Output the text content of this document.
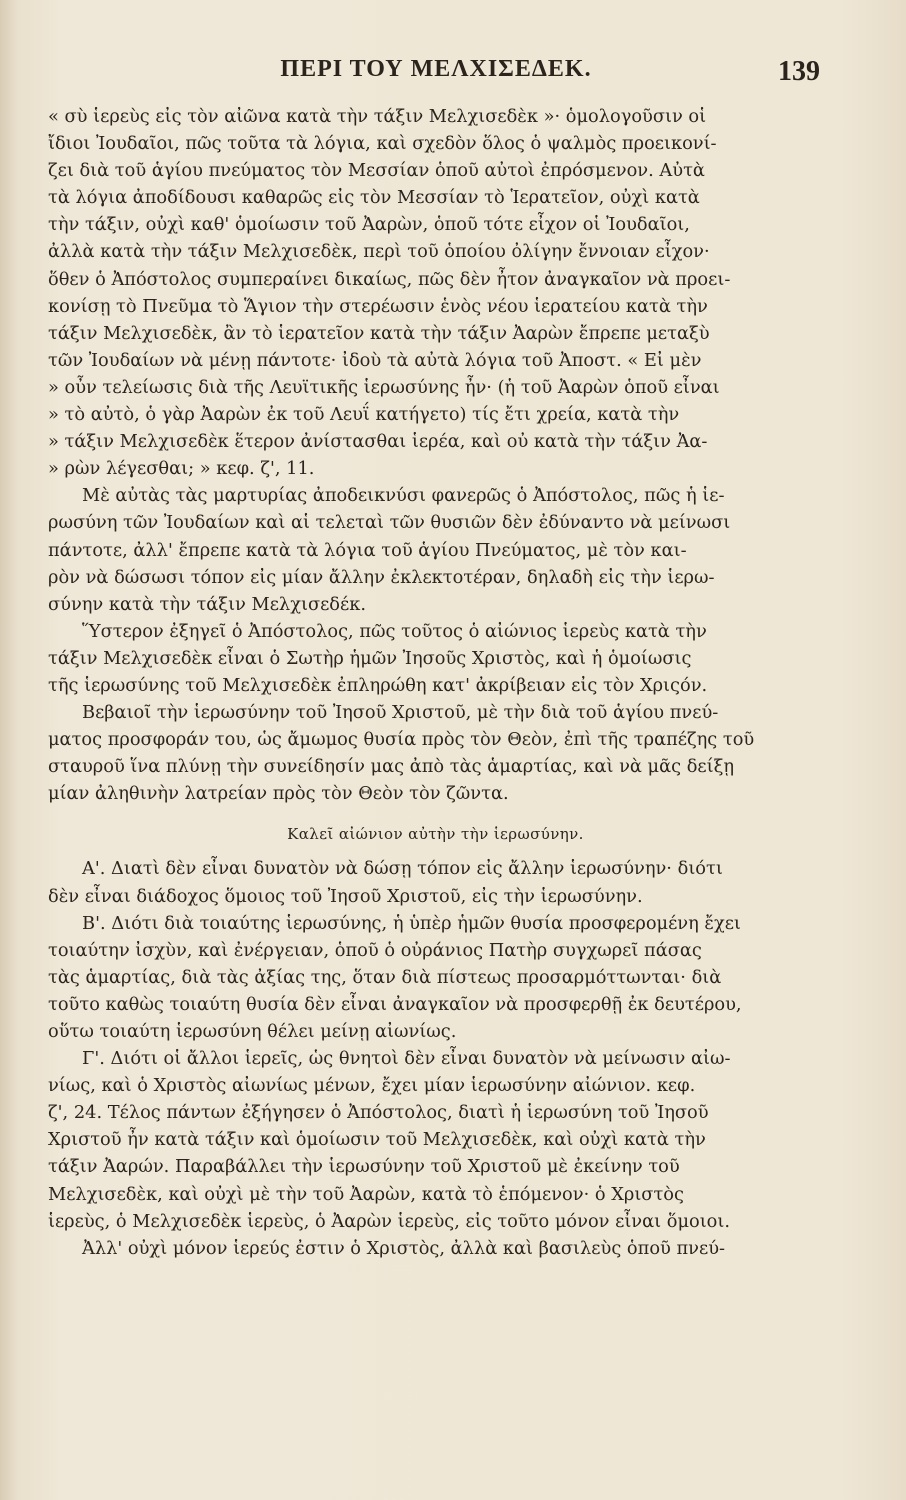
ΠΕΡΙ ΤΟΥ ΜΕΛΧΙΣΕΔΕΚ.	139
« σὺ ἱερεὺς εἰς τὸν αἰῶνα κατὰ τὴν τάξιν Μελχισεδὲκ »· ὁμολογοῦσιν οἱ
ἴδιοι Ἰουδαῖοι, πῶς τοῦτα τὰ λόγια, καὶ σχεδὸν ὅλος ὁ ψαλμὸς προεικονί-
ζει διὰ τοῦ ἁγίου πνεύματος τὸν Μεσσίαν ὁποῦ αὐτοὶ ἐπρόσμενον. Αὐτὰ
τὰ λόγια ἀποδίδουσι καθαρῶς εἰς τὸν Μεσσίαν τὸ Ἱερατεῖον, οὐχὶ κατὰ
τὴν τάξιν, οὐχὶ καθ' ὁμοίωσιν τοῦ Ἀαρὼν, ὁποῦ τότε εἶχον οἱ Ἰουδαῖοι,
ἀλλὰ κατὰ τὴν τάξιν Μελχισεδὲκ, περὶ τοῦ ὁποίου ὀλίγην ἔννοιαν εἶχον·
ὅθεν ὁ Ἀπόστολος συμπεραίνει δικαίως, πῶς δὲν ἦτον ἀναγκαῖον νὰ προει-
κονίσῃ τὸ Πνεῦμα τὸ Ἅγιον τὴν στερέωσιν ἑνὸς νέου ἱερατείου κατὰ τὴν
τάξιν Μελχισεδὲκ, ἂν τὸ ἱερατεῖον κατὰ τὴν τάξιν Ἀαρὼν ἔπρεπε μεταξὺ
τῶν Ἰουδαίων νὰ μένῃ πάντοτε· ἰδοὺ τὰ αὐτὰ λόγια τοῦ Ἀποστ. « Εἰ μὲν
» οὖν τελείωσις διὰ τῆς Λευϊτικῆς ἱερωσύνης ἦν· (ἡ τοῦ Ἀαρὼν ὁποῦ εἶναι
» τὸ αὐτὸ, ὁ γὰρ Ἀαρὼν ἐκ τοῦ Λευΐ κατήγετο) τίς ἔτι χρεία, κατὰ τὴν
» τάξιν Μελχισεδὲκ ἕτερον ἀνίστασθαι ἱερέα, καὶ οὐ κατὰ τὴν τάξιν Ἀα-
» ρὼν λέγεσθαι; » κεφ. ζ', 11.
Μὲ αὐτὰς τὰς μαρτυρίας ἀποδεικνύσι φανερῶς ὁ Ἀπόστολος, πῶς ἡ ἱε-
ρωσύνη τῶν Ἰουδαίων καὶ αἱ τελεταὶ τῶν θυσιῶν δὲν ἐδύναντο νὰ μείνωσι
πάντοτε, ἀλλ' ἔπρεπε κατὰ τὰ λόγια τοῦ ἁγίου Πνεύματος, μὲ τὸν και-
ρὸν νὰ δώσωσι τόπον εἰς μίαν ἄλλην ἐκλεκτοτέραν, δηλαδὴ εἰς τὴν ἱερω-
σύνην κατὰ τὴν τάξιν Μελχισεδέκ.
Ὕστερον ἐξηγεῖ ὁ Ἀπόστολος, πῶς τοῦτος ὁ αἰώνιος ἱερεὺς κατὰ τὴν
τάξιν Μελχισεδὲκ εἶναι ὁ Σωτὴρ ἡμῶν Ἰησοῦς Χριστὸς, καὶ ἡ ὁμοίωσις
τῆς ἱερωσύνης τοῦ Μελχισεδὲκ ἐπληρώθη κατ' ἀκρίβειαν εἰς τὸν Χριςόν.
Βεβαιοῖ τὴν ἱερωσύνην τοῦ Ἰησοῦ Χριστοῦ, μὲ τὴν διὰ τοῦ ἁγίου πνεύ-
ματος προσφοράν του, ὡς ἄμωμος θυσία πρὸς τὸν Θεὸν, ἐπὶ τῆς τραπέζης τοῦ
σταυροῦ ἵνα πλύνῃ τὴν συνείδησίν μας ἀπὸ τὰς ἁμαρτίας, καὶ νὰ μᾶς δείξῃ
μίαν ἀληθινὴν λατρείαν πρὸς τὸν Θεὸν τὸν ζῶντα.
Καλεῖ αἰώνιον αὐτὴν τὴν ἱερωσύνην.
Α'. Διατὶ δὲν εἶναι δυνατὸν νὰ δώσῃ τόπον εἰς ἄλλην ἱερωσύνην· διότι
δὲν εἶναι διάδοχος ὅμοιος τοῦ Ἰησοῦ Χριστοῦ, εἰς τὴν ἱερωσύνην.
Β'. Διότι διὰ τοιαύτης ἱερωσύνης, ἡ ὑπὲρ ἡμῶν θυσία προσφερομένη ἔχει
τοιαύτην ἰσχὺν, καὶ ἐνέργειαν, ὁποῦ ὁ οὐράνιος Πατὴρ συγχωρεῖ πάσας
τὰς ἁμαρτίας, διὰ τὰς ἀξίας της, ὅταν διὰ πίστεως προσαρμόττωνται· διὰ
τοῦτο καθὼς τοιαύτη θυσία δὲν εἶναι ἀναγκαῖον νὰ προσφερθῇ ἐκ δευτέρου,
οὕτω τοιαύτη ἱερωσύνη θέλει μείνῃ αἰωνίως.
Γ'. Διότι οἱ ἄλλοι ἱερεῖς, ὡς θνητοὶ δὲν εἶναι δυνατὸν νὰ μείνωσιν αἰω-
νίως, καὶ ὁ Χριστὸς αἰωνίως μένων, ἔχει μίαν ἱερωσύνην αἰώνιον. κεφ.
ζ', 24. Τέλος πάντων ἐξήγησεν ὁ Ἀπόστολος, διατὶ ἡ ἱερωσύνη τοῦ Ἰησοῦ
Χριστοῦ ἦν κατὰ τάξιν καὶ ὁμοίωσιν τοῦ Μελχισεδὲκ, καὶ οὐχὶ κατὰ τὴν
τάξιν Ἀαρών. Παραβάλλει τὴν ἱερωσύνην τοῦ Χριστοῦ μὲ ἐκείνην τοῦ
Μελχισεδὲκ, καὶ οὐχὶ μὲ τὴν τοῦ Ἀαρὼν, κατὰ τὸ ἑπόμενον· ὁ Χριστὸς
ἱερεὺς, ὁ Μελχισεδὲκ ἱερεὺς, ὁ Ἀαρὼν ἱερεὺς, εἰς τοῦτο μόνον εἶναι ὅμοιοι.
Ἀλλ' οὐχὶ μόνον ἱερεύς ἐστιν ὁ Χριστὸς, ἀλλὰ καὶ βασιλεὺς ὁποῦ πνεύ-
